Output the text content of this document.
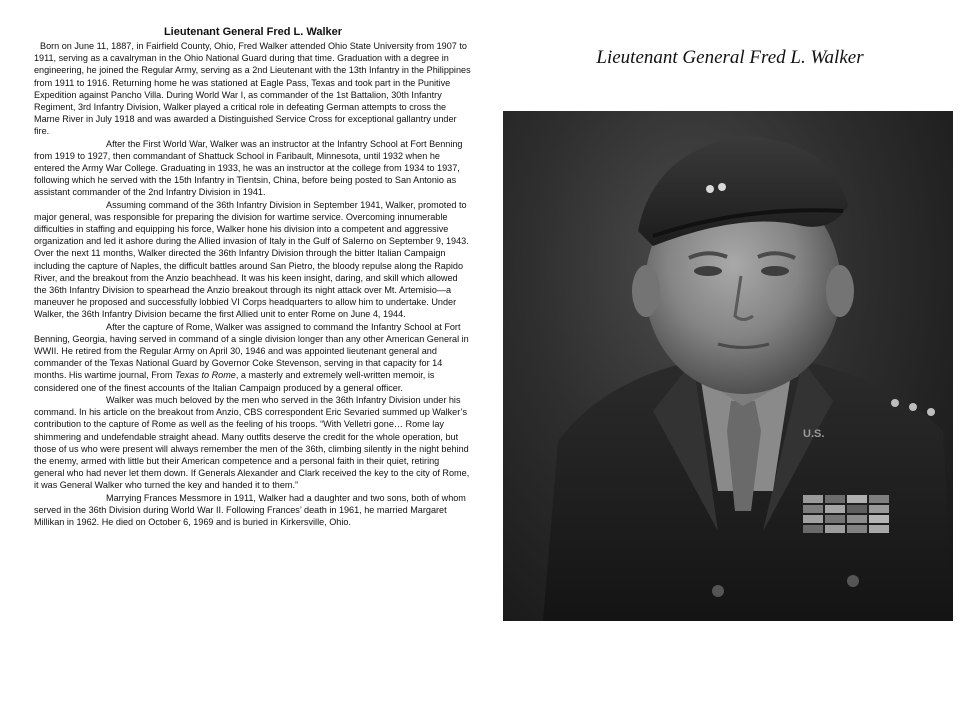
Lieutenant General Fred L. Walker

Born on June 11, 1887, in Fairfield County, Ohio, Fred Walker attended Ohio State University from 1907 to 1911, serving as a cavalryman in the Ohio National Guard during that time. Graduation with a degree in engineering, he joined the Regular Army, serving as a 2nd Lieutenant with the 13th Infantry in the Philippines from 1911 to 1916. Returning home he was stationed at Eagle Pass, Texas and took part in the Punitive Expedition against Pancho Villa. During World War I, as commander of the 1st Battalion, 30th Infantry Regiment, 3rd Infantry Division, Walker played a critical role in defeating German attempts to cross the Marne River in July 1918 and was awarded a Distinguished Service Cross for exceptional gallantry under fire.

After the First World War, Walker was an instructor at the Infantry School at Fort Benning from 1919 to 1927, then commandant of Shattuck School in Faribault, Minnesota, until 1932 when he entered the Army War College. Graduating in 1933, he was an instructor at the college from 1934 to 1937, following which he served with the 15th Infantry in Tientsin, China, before being posted to San Antonio as assistant commander of the 2nd Infantry Division in 1941.

Assuming command of the 36th Infantry Division in September 1941, Walker, promoted to major general, was responsible for preparing the division for wartime service. Overcoming innumerable difficulties in staffing and equipping his force, Walker hone his division into a competent and aggressive organization and led it ashore during the Allied invasion of Italy in the Gulf of Salerno on September 9, 1943. Over the next 11 months, Walker directed the 36th Infantry Division through the bitter Italian Campaign including the capture of Naples, the difficult battles around San Pietro, the bloody repulse along the Rapido River, and the breakout from the Anzio beachhead. It was his keen insight, daring, and skill which allowed the 36th Infantry Division to spearhead the Anzio breakout through its night attack over Mt. Artemisio—a maneuver he proposed and successfully lobbied VI Corps headquarters to allow him to undertake. Under Walker, the 36th Infantry Division became the first Allied unit to enter Rome on June 4, 1944.

After the capture of Rome, Walker was assigned to command the Infantry School at Fort Benning, Georgia, having served in command of a single division longer than any other American General in WWII. He retired from the Regular Army on April 30, 1946 and was appointed lieutenant general and commander of the Texas National Guard by Governor Coke Stevenson, serving in that capacity for 14 months. His wartime journal, From Texas to Rome, a masterly and extremely well-written memoir, is considered one of the finest accounts of the Italian Campaign produced by a general officer.

Walker was much beloved by the men who served in the 36th Infantry Division under his command. In his article on the breakout from Anzio, CBS correspondent Eric Sevaried summed up Walker’s contribution to the capture of Rome as well as the feeling of his troops. “With Velletri gone… Rome lay shimmering and undefendable straight ahead. Many outfits deserve the credit for the whole operation, but those of us who were present will always remember the men of the 36th, climbing silently in the night behind the enemy, armed with little but their American competence and a personal faith in their quiet, retiring general who had never let them down. If Generals Alexander and Clark received the key to the city of Rome, it was General Walker who turned the key and handed it to them.”

Marrying Frances Messmore in 1911, Walker had a daughter and two sons, both of whom served in the 36th Division during World War II. Following Frances’ death in 1961, he married Margaret Millikan in 1962. He died on October 6, 1969 and is buried in Kirkersville, Ohio.

Lieutenant General Fred L. Walker
U.S.
